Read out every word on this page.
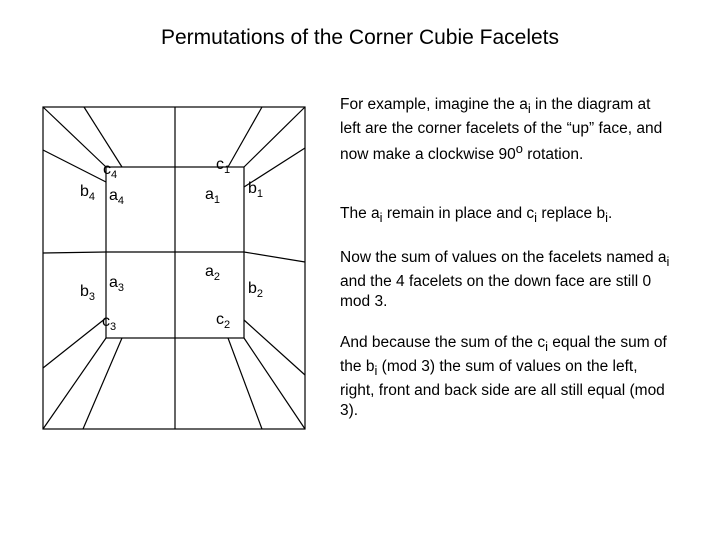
Permutations of the Corner Cubie Facelets
$c_4$
$b_4$ $a_4$
$c_1$
$a_1$
$b_1$
$a_2$
$b_2$
$a_3$
$b_3$
$c_3$	$c_2$

For example, imagine the $a_i$ in the diagram at left are the corner facelets of the “up” face, and now make a clockwise 90$^o$ rotation.

The $a_i$ remain in place and $c_i$ replace $b_i$.

Now the sum of values on the facelets named $a_i$ and the 4 facelets on the down face are still 0 mod 3.

And because the sum of the $c_i$ equal the sum of the $b_i$ (mod 3) the sum of values on the left, right, front and back side are all still equal (mod 3).
